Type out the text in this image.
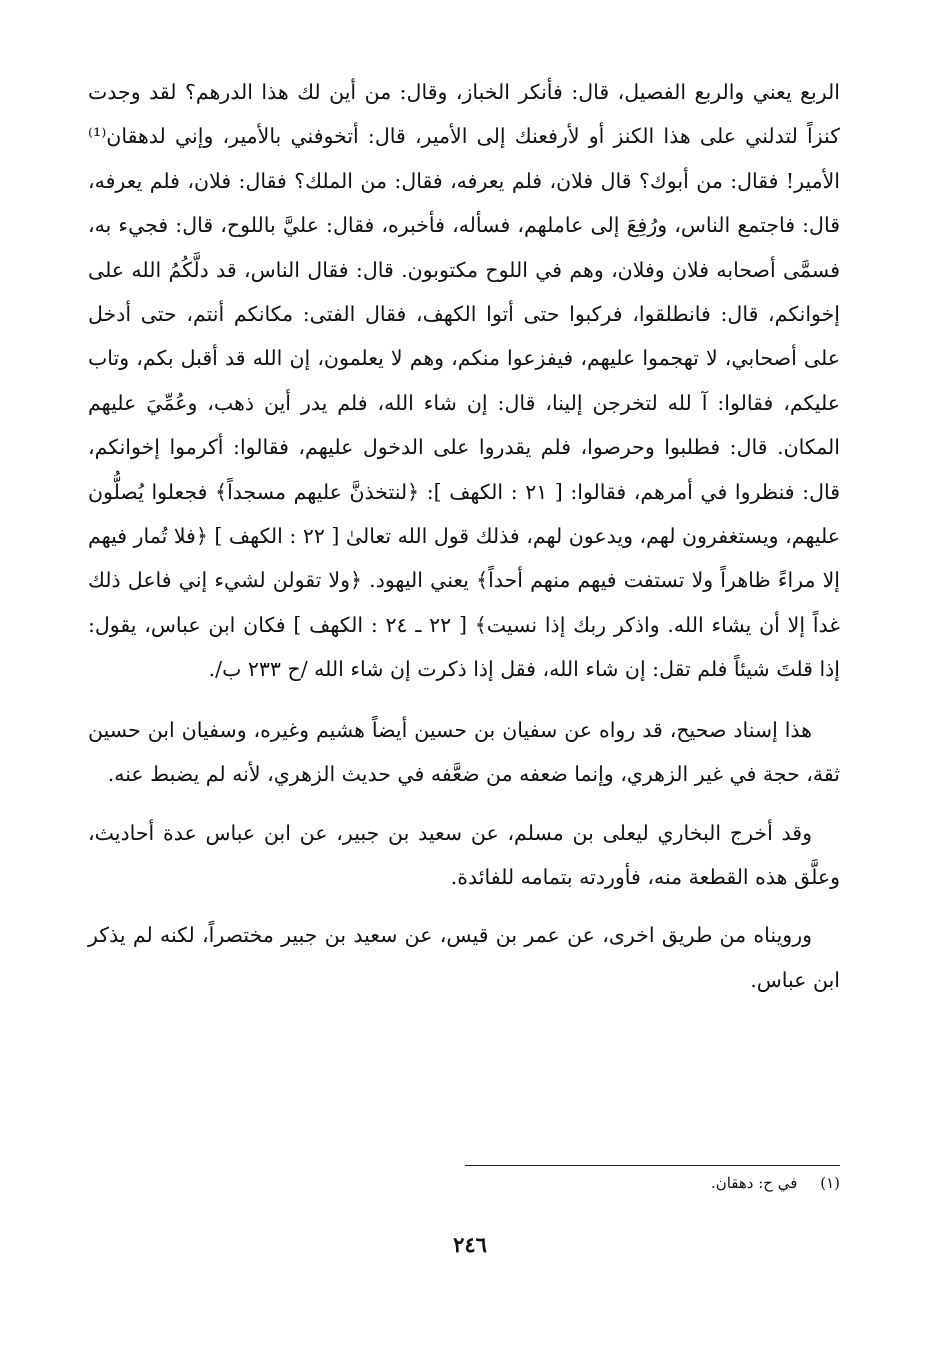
الربع يعني والربع الفصيل، قال: فأنكر الخباز، وقال: من أين لك هذا الدرهم؟ لقد وجدت كنزاً لتدلني على هذا الكنز أو لأرفعنك إلى الأمير، قال: أتخوفني بالأمير، وإني لدهقان⁽¹⁾ الأمير! فقال: من أبوك؟ قال فلان، فلم يعرفه، فقال: من الملك؟ فقال: فلان، فلم يعرفه، قال: فاجتمع الناس، ورُفِعَ إلى عاملهم، فسأله، فأخبره، فقال: عليَّ باللوح، قال: فجيء به، فسمَّى أصحابه فلان وفلان، وهم في اللوح مكتوبون. قال: فقال الناس، قد دلَّكُمُ الله على إخوانكم، قال: فانطلقوا، فركبوا حتى أتوا الكهف، فقال الفتى: مكانكم أنتم، حتى أدخل على أصحابي، لا تهجموا عليهم، فيفزعوا منكم، وهم لا يعلمون، إن الله قد أقبل بكم، وتاب عليكم، فقالوا: آ لله لتخرجن إلينا، قال: إن شاء الله، فلم يدر أين ذهب، وعُمِّيَ عليهم المكان. قال: فطلبوا وحرصوا، فلم يقدروا على الدخول عليهم، فقالوا: أكرموا إخوانكم، قال: فنظروا في أمرهم، فقالوا: [ ٢١ : الكهف ]: ﴿لنتخذنَّ عليهم مسجداً﴾ فجعلوا يُصلُّون عليهم، ويستغفرون لهم، ويدعون لهم، فذلك قول الله تعالىٰ [ ٢٢ : الكهف ] ﴿فلا تُمار فيهم إلا مراءً ظاهراً ولا تستفت فيهم منهم أحداً﴾ يعني اليهود. ﴿ولا تقولن لشيء إني فاعل ذلك غداً إلا أن يشاء الله. واذكر ربك إذا نسيت﴾ [ ٢٢ ـ ٢٤ : الكهف ] فكان ابن عباس، يقول: إذا قلتَ شيئاً فلم تقل: إن شاء الله، فقل إذا ذكرت إن شاء الله /ح ٢٣٣ ب/.

هذا إسناد صحيح، قد رواه عن سفيان بن حسين أيضاً هشيم وغيره، وسفيان ابن حسين ثقة، حجة في غير الزهري، وإنما ضعفه من ضعَّفه في حديث الزهري، لأنه لم يضبط عنه.

وقد أخرج البخاري ليعلى بن مسلم، عن سعيد بن جبير، عن ابن عباس عدة أحاديث، وعلَّق هذه القطعة منه، فأوردته بتمامه للفائدة.

ورويناه من طريق اخرى، عن عمر بن قيس، عن سعيد بن جبير مختصراً، لكنه لم يذكر ابن عباس.

(١) في ح: دهقان.
٢٤٦
